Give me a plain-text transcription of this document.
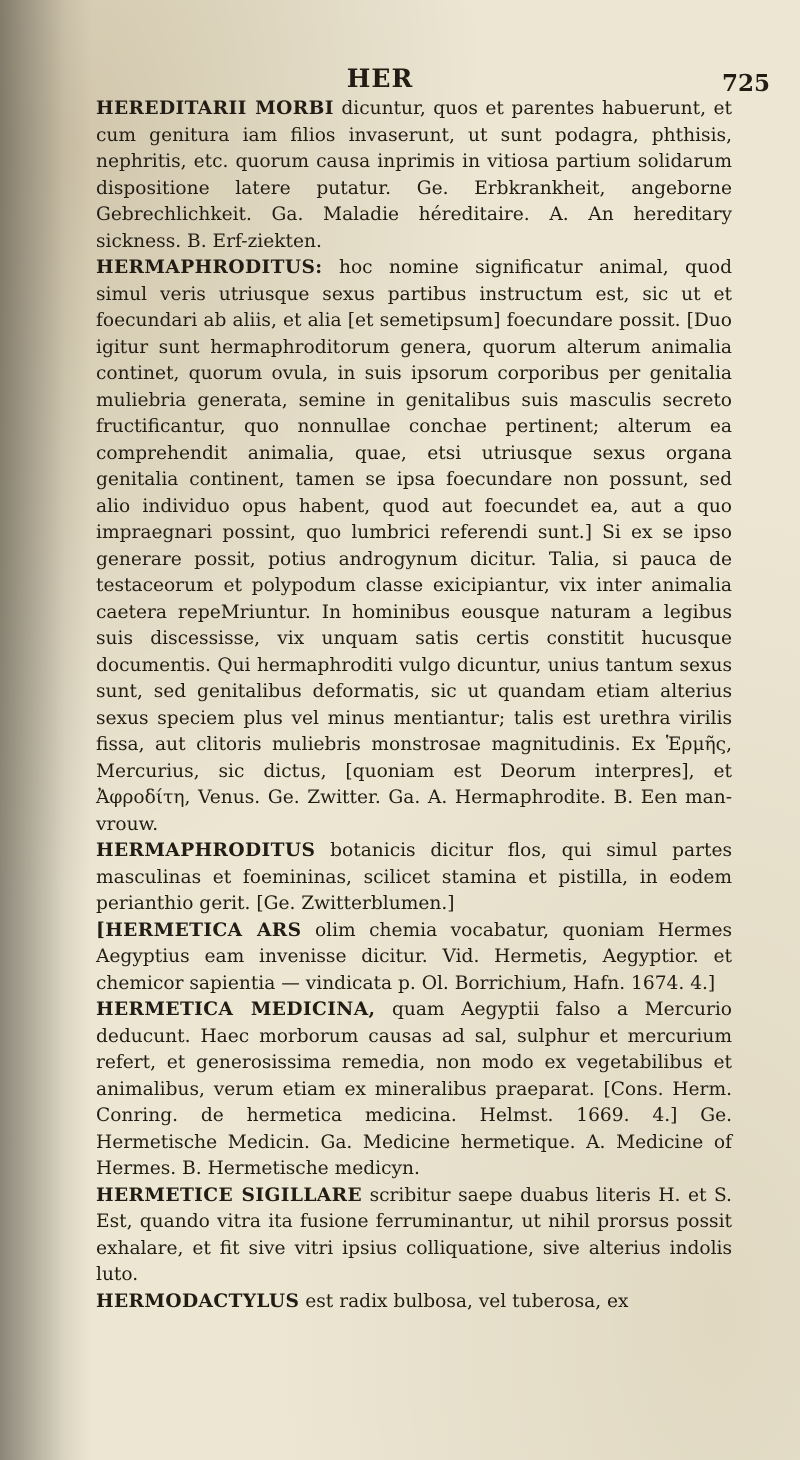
HER	725

HEREDITARII MORBI dicuntur, quos et parentes habuerunt, et cum genitura iam filios invaserunt, ut sunt podagra, phthisis, nephritis, etc. quorum causa inprimis in vitiosa partium solidarum dispositione latere putatur. Ge. Erbkrankheit, angeborne Gebrechlichkeit. Ga. Maladie héreditaire. A. An hereditary sickness. B. Erf-ziekten.

HERMAPHRODITUS: hoc nomine significatur animal, quod simul veris utriusque sexus partibus instructum est, sic ut et foecundari ab aliis, et alia [et semetipsum] foecundare possit. [Duo igitur sunt hermaphroditorum genera, quorum alterum animalia continet, quorum ovula, in suis ipsorum corporibus per genitalia muliebria generata, semine in genitalibus suis masculis secreto fructificantur, quo nonnullae conchae pertinent; alterum ea comprehendit animalia, quae, etsi utriusque sexus organa genitalia continent, tamen se ipsa foecundare non possunt, sed alio individuo opus habent, quod aut foecundet ea, aut a quo impraegnari possint, quo lumbrici referendi sunt.] Si ex se ipso generare possit, potius androgynum dicitur. Talia, si pauca de testaceorum et polypodum classe exicipiantur, vix inter animalia caetera repeMriuntur. In hominibus eousque naturam a legibus suis discessisse, vix unquam satis certis constitit hucusque documentis. Qui hermaphroditi vulgo dicuntur, unius tantum sexus sunt, sed genitalibus deformatis, sic ut quandam etiam alterius sexus speciem plus vel minus mentiantur; talis est urethra virilis fissa, aut clitoris muliebris monstrosae magnitudinis. Ex Ἑρμῆς, Mercurius, sic dictus, [quoniam est Deorum interpres], et Ἀφροδίτη, Venus. Ge. Zwitter. Ga. A. Hermaphrodite. B. Een man-vrouw.

HERMAPHRODITUS botanicis dicitur flos, qui simul partes masculinas et foemininas, scilicet stamina et pistilla, in eodem perianthio gerit. [Ge. Zwitterblumen.]

[HERMETICA ARS olim chemia vocabatur, quoniam Hermes Aegyptius eam invenisse dicitur. Vid. Hermetis, Aegyptior. et chemicor sapientia — vindicata p. Ol. Borrichium, Hafn. 1674. 4.]

HERMETICA MEDICINA, quam Aegyptii falso a Mercurio deducunt. Haec morborum causas ad sal, sulphur et mercurium refert, et generosissima remedia, non modo ex vegetabilibus et animalibus, verum etiam ex mineralibus praeparat. [Cons. Herm. Conring. de hermetica medicina. Helmst. 1669. 4.] Ge. Hermetische Medicin. Ga. Medicine hermetique. A. Medicine of Hermes. B. Hermetische medicyn.

HERMETICE SIGILLARE scribitur saepe duabus literis H. et S. Est, quando vitra ita fusione ferruminantur, ut nihil prorsus possit exhalare, et fit sive vitri ipsius colliquatione, sive alterius indolis luto.

HERMODACTYLUS est radix bulbosa, vel tuberosa, ex
